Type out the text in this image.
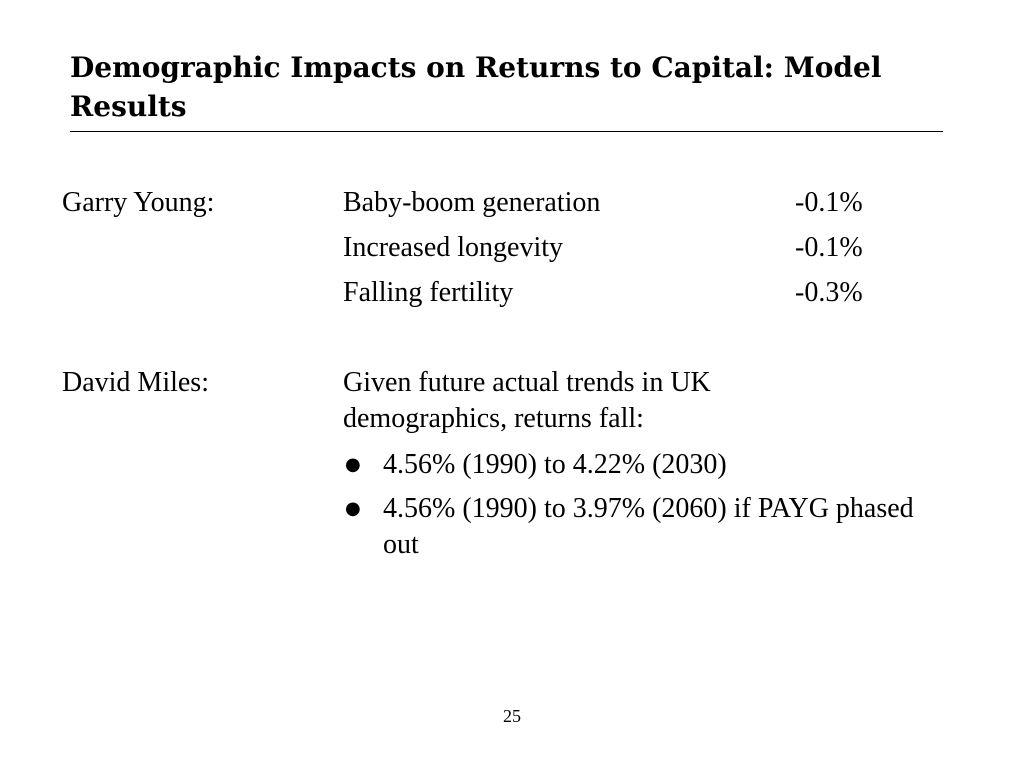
Demographic Impacts on Returns to Capital: Model Results
Garry Young:	Baby-boom generation	-0.1%
Increased longevity	-0.1%
Falling fertility	-0.3%
David Miles:	Given future actual trends in UK demographics, returns fall:
● 4.56% (1990) to 4.22% (2030)
● 4.56% (1990) to 3.97% (2060) if PAYG phased out
25
